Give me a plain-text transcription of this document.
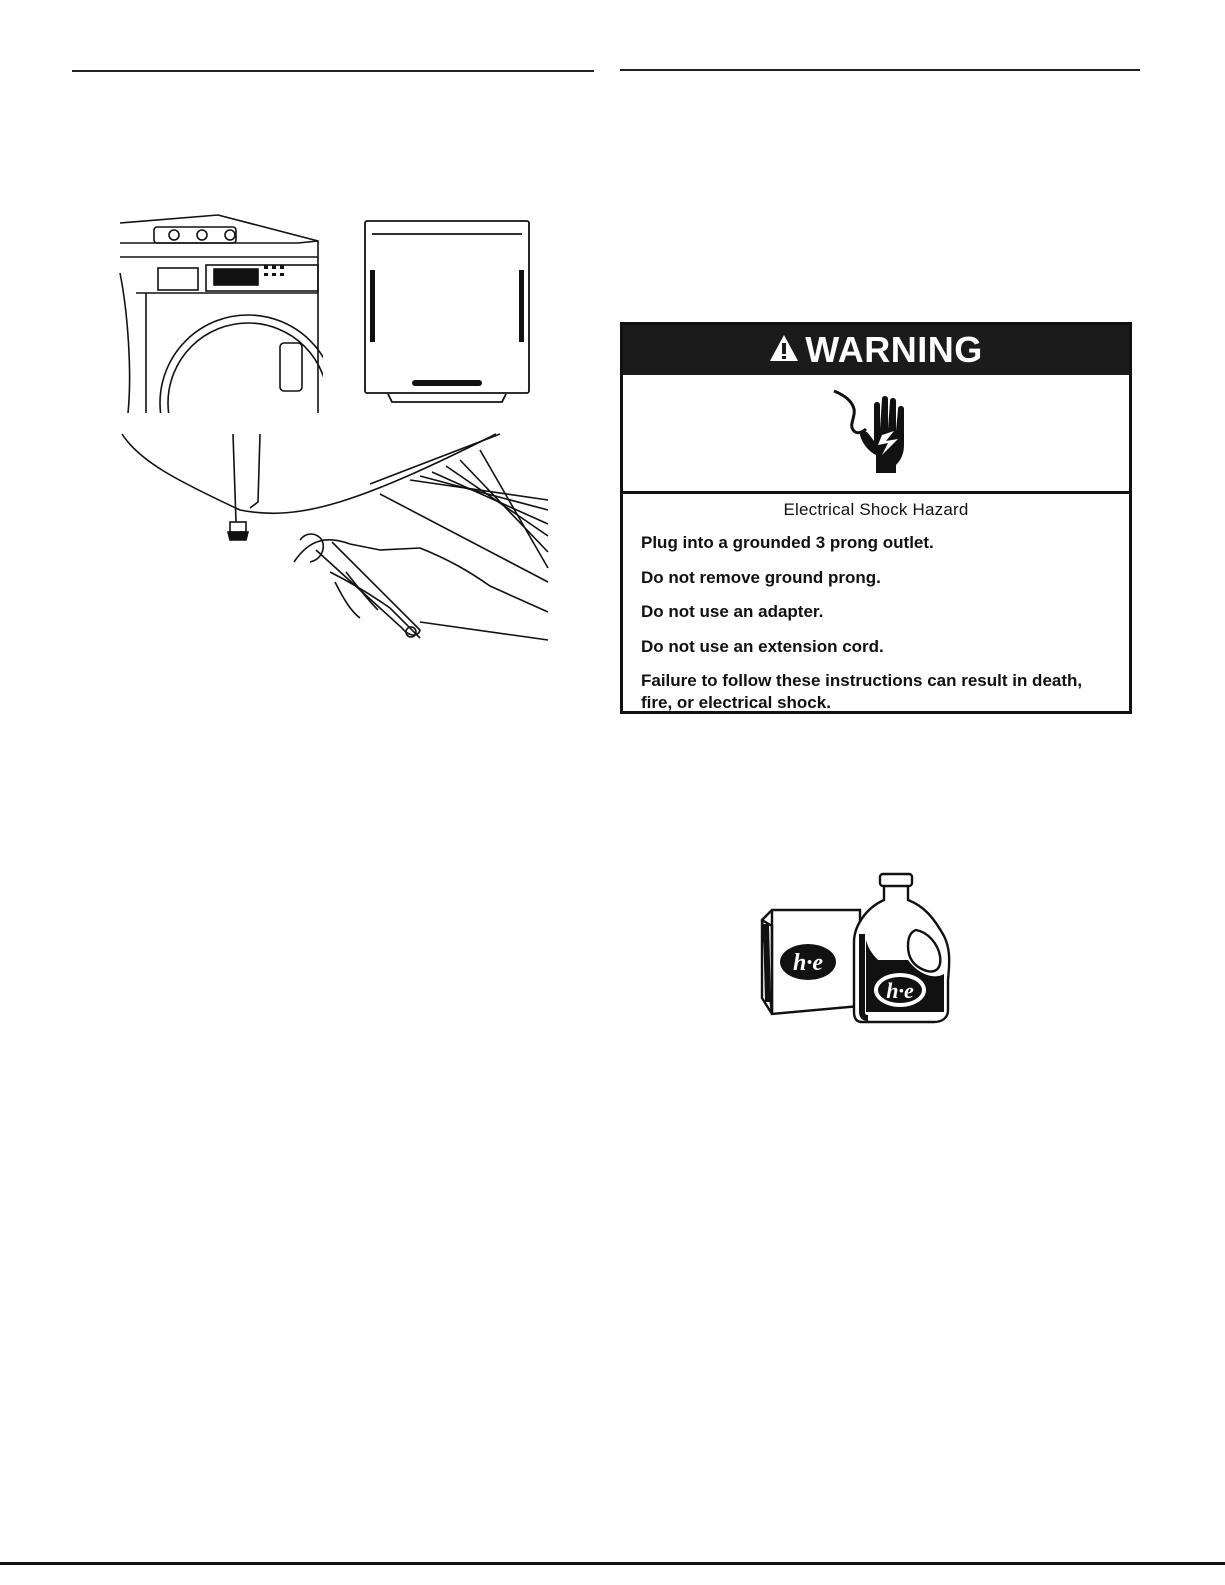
WARNING
Electrical Shock Hazard
Plug into a grounded 3 prong outlet.
Do not remove ground prong.
Do not use an adapter.
Do not use an extension cord.
Failure to follow these instructions can result in death, fire, or electrical shock.
h·e
h·e
